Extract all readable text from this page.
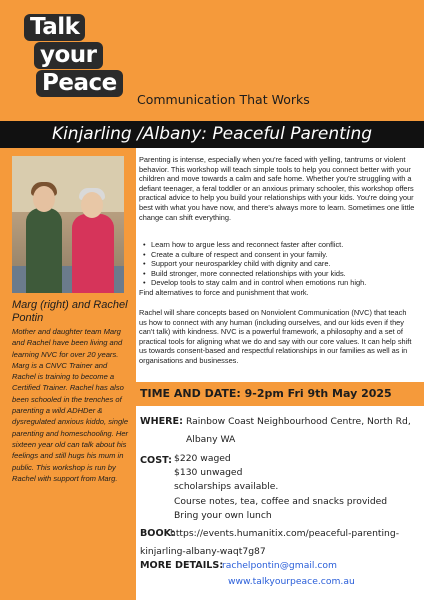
Talk
your
Peace
Communication That Works
Kinjarling /Albany: Peaceful Parenting
Marg (right) and Rachel Pontin
Mother and daughter team Marg and Rachel have been living and learning NVC for over 20 years. Marg is a CNVC Trainer and Rachel is training to become a Certified Trainer. Rachel has also been schooled in the trenches of parenting a wild ADHDer & dysregulated anxious kiddo, single parenting and homeschooling. Her sixteen year old can talk about his feelings and still hugs his mum in public. This workshop is run by Rachel with support from Marg.

Parenting is intense, especially when you're faced with yelling, tantrums or violent behavior. This workshop will teach simple tools to help you connect better with your children and move towards a calm and safe home. Whether you're struggling with a defiant teenager, a feral toddler or an anxious primary schooler, this workshop offers practical advice to help you build your relationships with your kids. You're doing your best with what you have now, and there's always more to learn. Sometimes one little change can shift everything.

• Learn how to argue less and reconnect faster after conflict.
• Create a culture of respect and consent in your family.
• Support your neurosparkley child with dignity and care.
• Build stronger, more connected relationships with your kids.
• Develop tools to stay calm and in control when emotions run high.
Find alternatives to force and punishment that work.

Rachel will share concepts based on Nonviolent Communication (NVC) that teach us how to connect with any human (including ourselves, and our kids even if they can't talk) with kindness. NVC is a powerful framework, a philosophy and a set of practical tools for aligning what we do and say with our core values. It can help shift us towards consent-based and respectful relationships in our families as well as in organisations and businesses.

TIME AND DATE: 9-2pm Fri 9th May 2025
WHERE: Rainbow Coast Neighbourhood Centre, North Rd,
Albany WA
COST: $220 waged
$130 unwaged
scholarships available.
Course notes, tea, coffee and snacks provided
Bring your own lunch
BOOK:
https://events.humanitix.com/peaceful-parenting-
kinjarling-albany-waqt7g87
MORE DETAILS:
rachelpontin@gmail.com
www.talkyourpeace.com.au
